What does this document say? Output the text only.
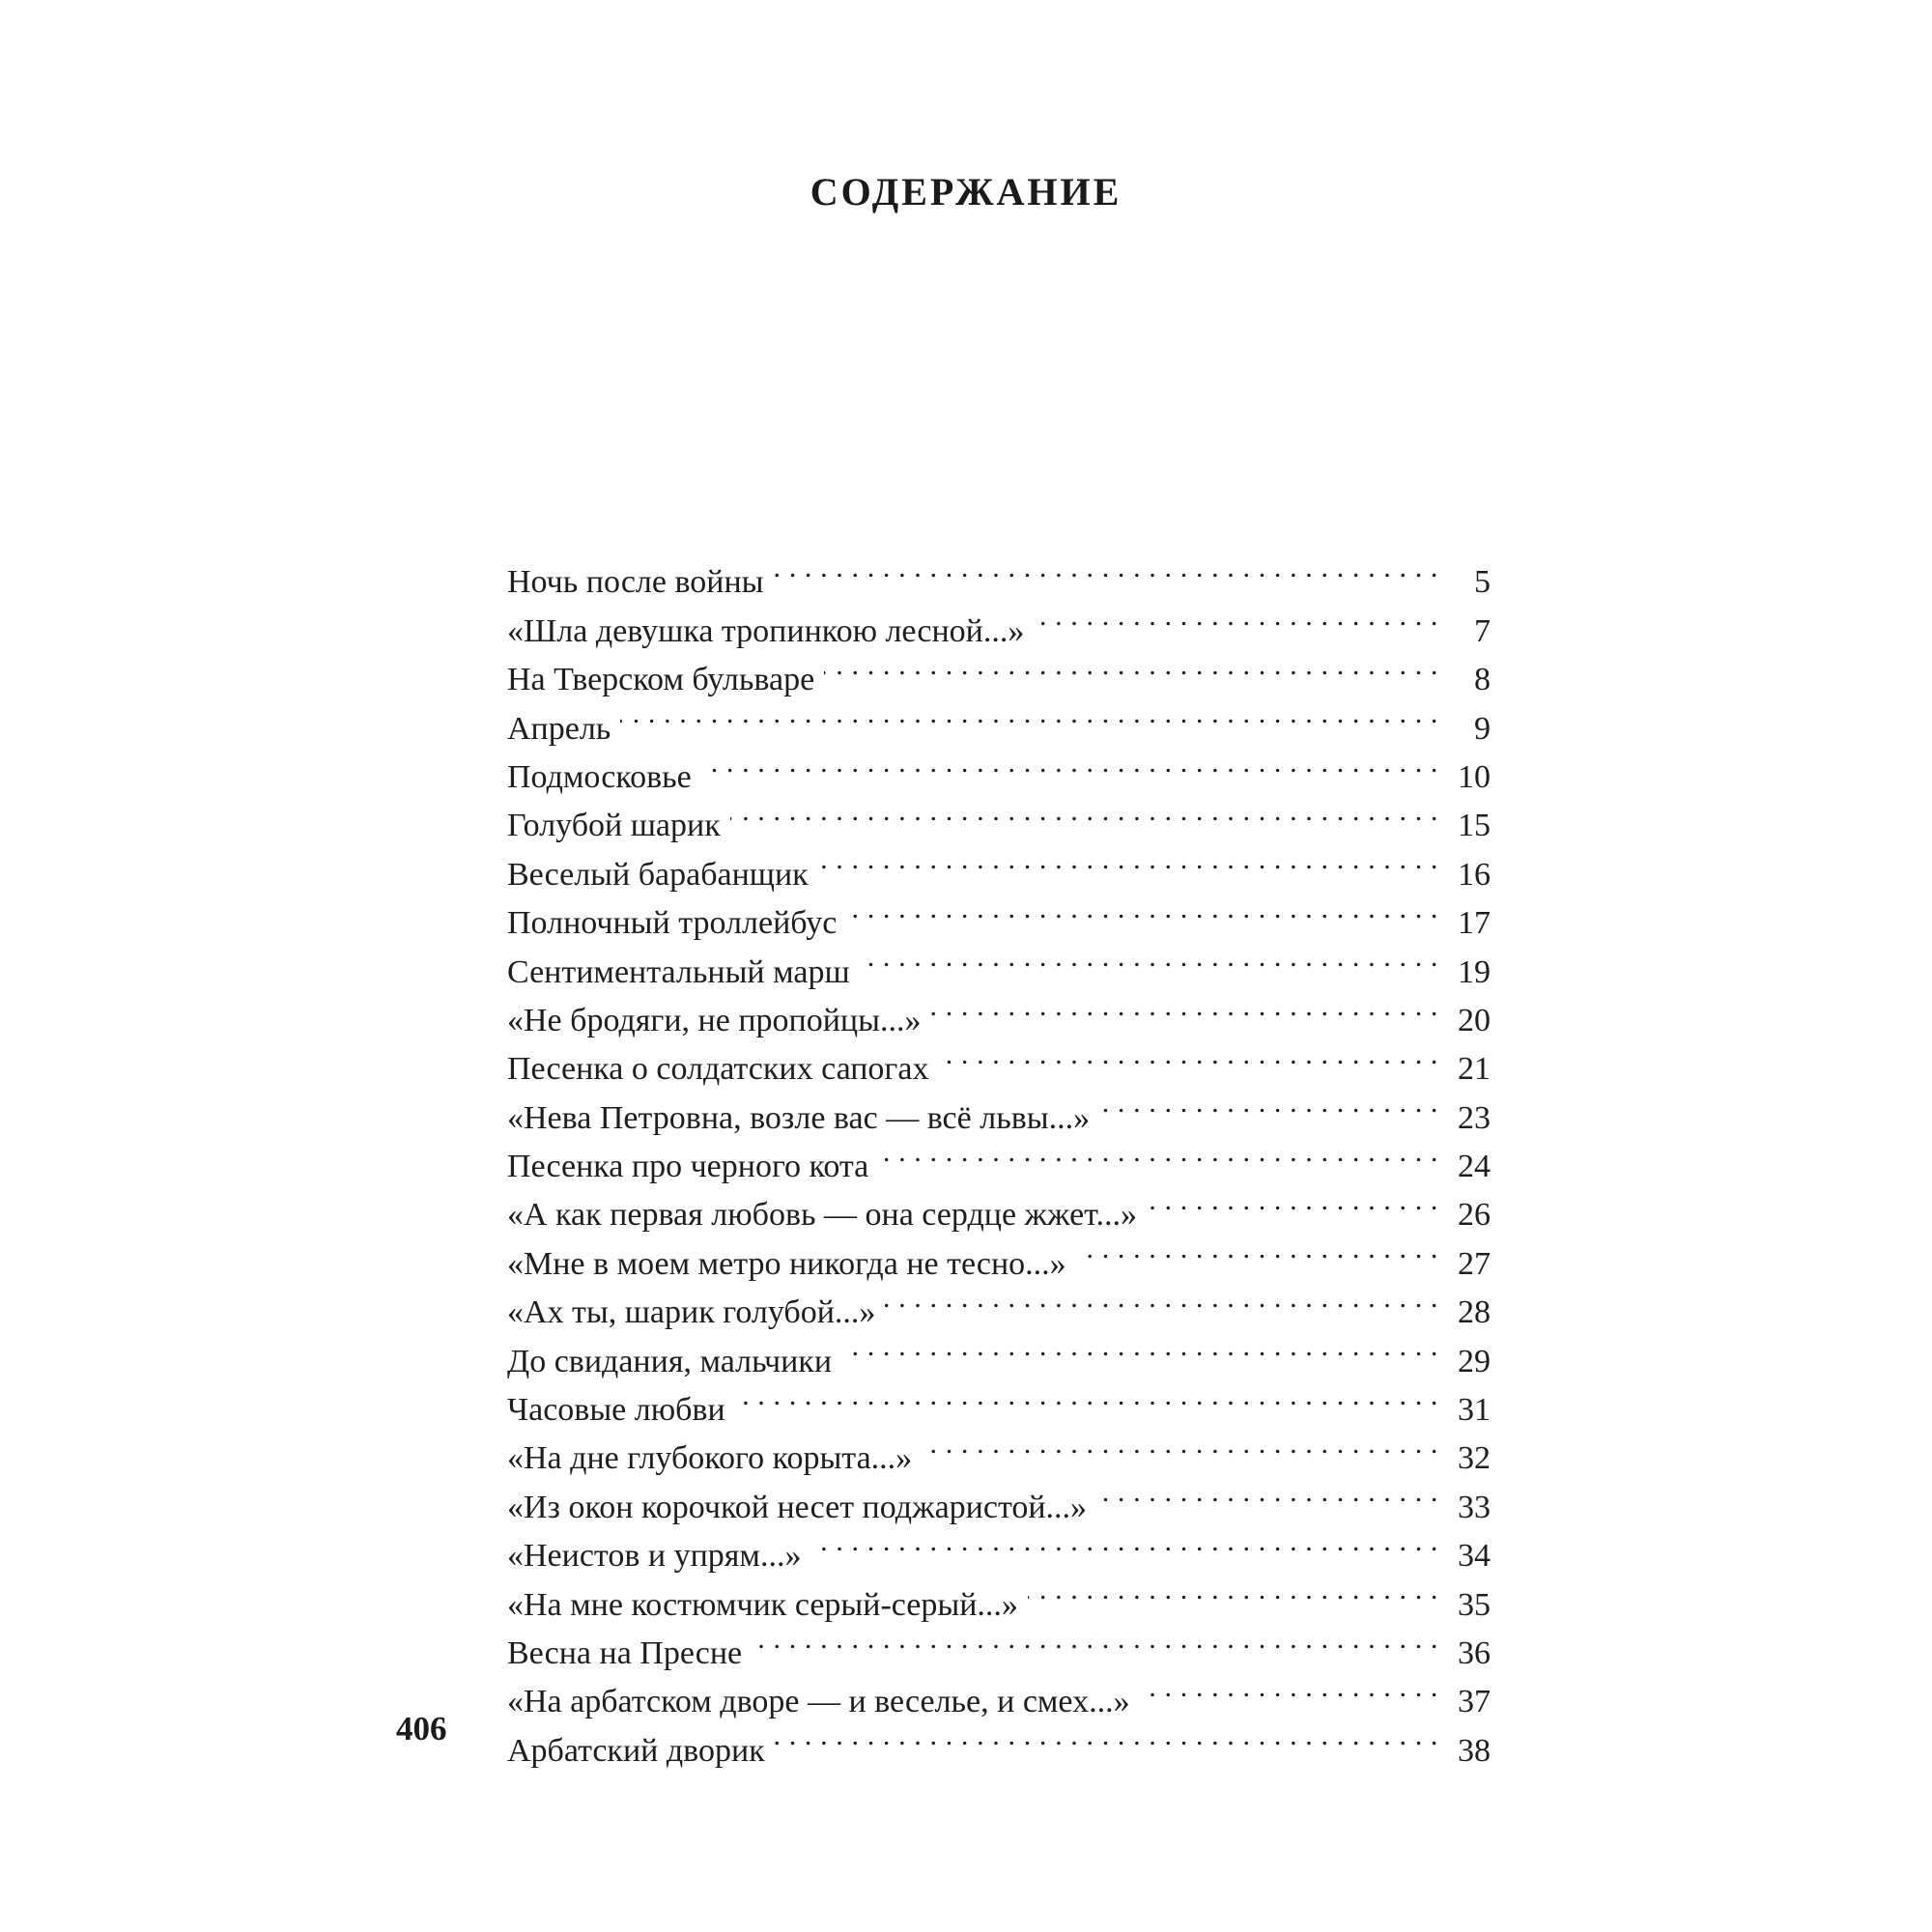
СОДЕРЖАНИЕ
Ночь после войны . . .	5
«Шла девушка тропинкою лесной...» . . .	7
На Тверском бульваре . . .	8
Апрель . . .	9
Подмосковье . . .	10
Голубой шарик . . .	15
Веселый барабанщик . . .	16
Полночный троллейбус . . .	17
Сентиментальный марш . . .	19
«Не бродяги, не пропойцы...» . . .	20
Песенка о солдатских сапогах . . .	21
«Нева Петровна, возле вас — всё львы...» . . .	23
Песенка про черного кота . . .	24
«А как первая любовь — она сердце жжет...» . . .	26
«Мне в моем метро никогда не тесно...» . . .	27
«Ах ты, шарик голубой...» . . .	28
До свидания, мальчики . . .	29
Часовые любви . . .	31
«На дне глубокого корыта...» . . .	32
«Из окон корочкой несет поджаристой...» . . .	33
«Неистов и упрям...» . . .	34
«На мне костюмчик серый-серый...» . . .	35
Весна на Пресне . . .	36
«На арбатском дворе — и веселье, и смех...» . . .	37
Арбатский дворик . . .	38
406
